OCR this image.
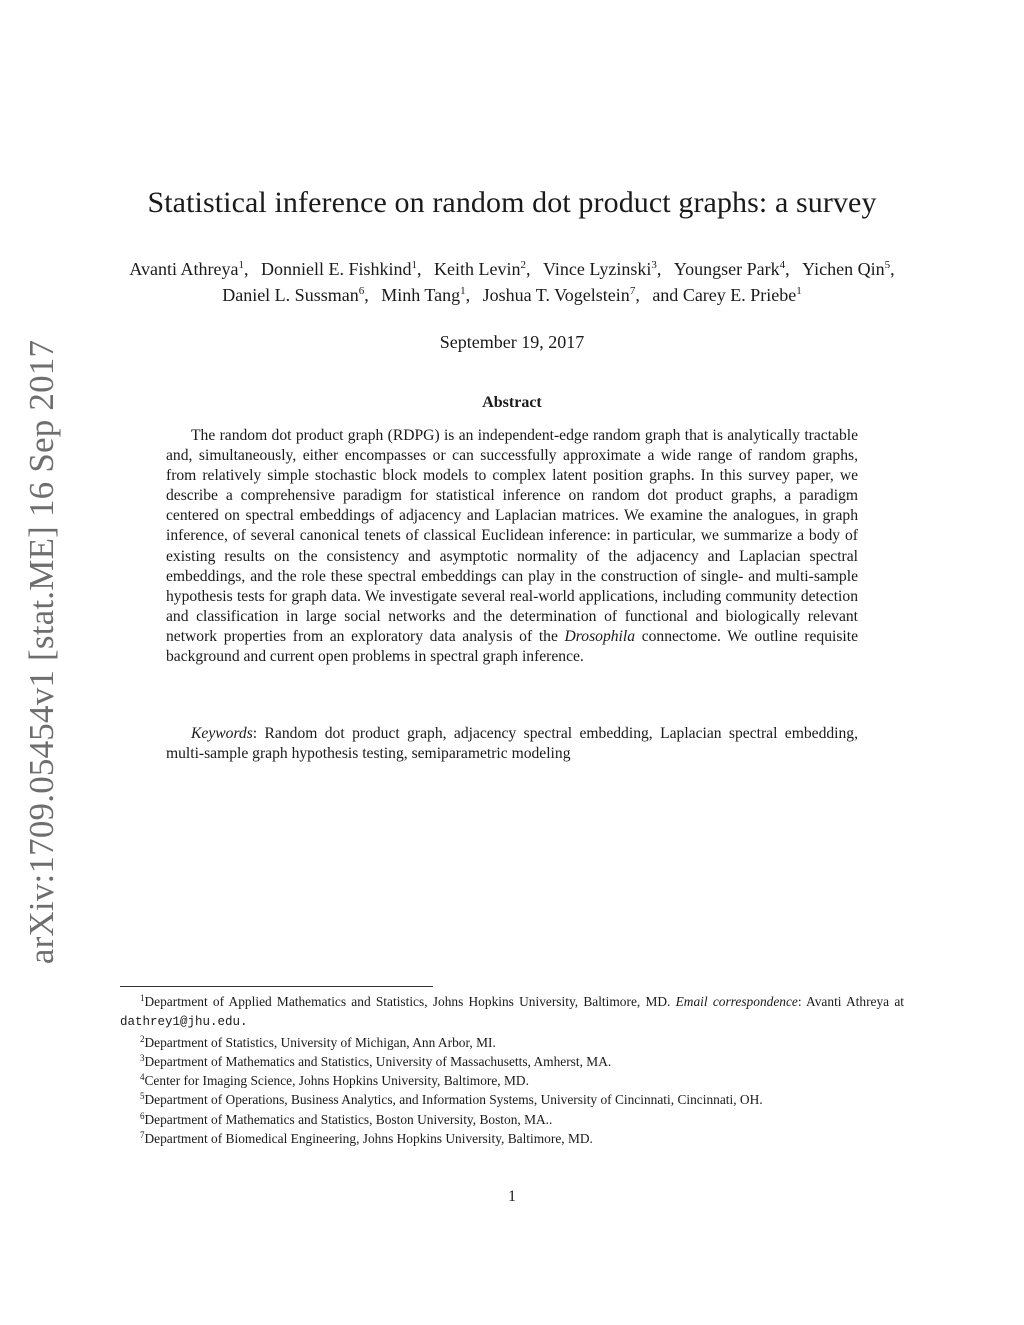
arXiv:1709.05454v1 [stat.ME] 16 Sep 2017
Statistical inference on random dot product graphs: a survey
Avanti Athreya$^1$, Donniell E. Fishkind$^1$, Keith Levin$^2$, Vince Lyzinski$^3$, Youngser Park$^4$, Yichen Qin$^5$, Daniel L. Sussman$^6$, Minh Tang$^1$, Joshua T. Vogelstein$^7$, and Carey E. Priebe$^1$
September 19, 2017
Abstract

The random dot product graph (RDPG) is an independent-edge random graph that is analytically tractable and, simultaneously, either encompasses or can successfully approximate a wide range of random graphs, from relatively simple stochastic block models to complex latent position graphs. In this survey paper, we describe a comprehensive paradigm for statistical inference on random dot product graphs, a paradigm centered on spectral embeddings of adjacency and Laplacian matrices. We examine the analogues, in graph inference, of several canonical tenets of classical Euclidean inference: in particular, we summarize a body of existing results on the consistency and asymptotic normality of the adjacency and Laplacian spectral embeddings, and the role these spectral embeddings can play in the construction of single- and multi-sample hypothesis tests for graph data. We investigate several real-world applications, including community detection and classification in large social networks and the determination of functional and biologically relevant network properties from an exploratory data analysis of the Drosophila connectome. We outline requisite background and current open problems in spectral graph inference.

Keywords: Random dot product graph, adjacency spectral embedding, Laplacian spectral embedding, multi-sample graph hypothesis testing, semiparametric modeling

$^1$Department of Applied Mathematics and Statistics, Johns Hopkins University, Baltimore, MD. Email correspondence: Avanti Athreya at dathrey1@jhu.edu.

$^2$Department of Statistics, University of Michigan, Ann Arbor, MI.

$^3$Department of Mathematics and Statistics, University of Massachusetts, Amherst, MA.

$^4$Center for Imaging Science, Johns Hopkins University, Baltimore, MD.

$^5$Department of Operations, Business Analytics, and Information Systems, University of Cincinnati, Cincinnati, OH.

$^6$Department of Mathematics and Statistics, Boston University, Boston, MA..

$^7$Department of Biomedical Engineering, Johns Hopkins University, Baltimore, MD.

1
